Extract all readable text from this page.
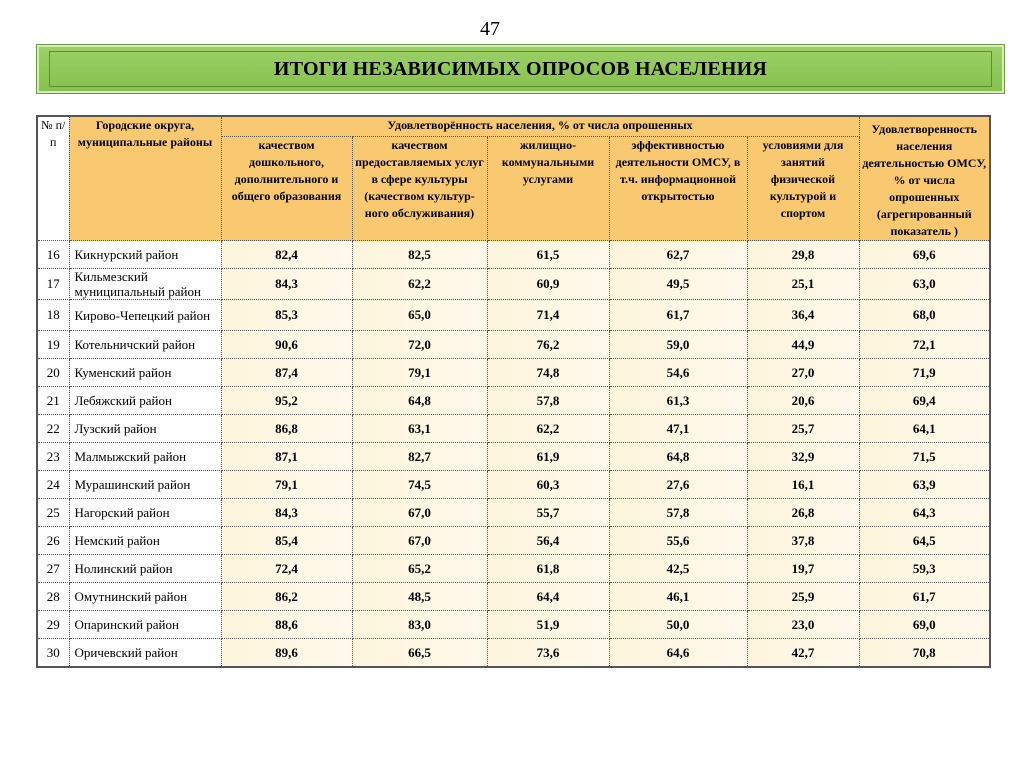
47
ИТОГИ НЕЗАВИСИМЫХ ОПРОСОВ НАСЕЛЕНИЯ
№ п/п	Городские округа, муниципальные районы	Удовлетворённость населения, % от числа опрошенных					Удовлетворенность населения деятельностью ОМСУ, % от числа опрошенных (агрегированный показатель )
		качеством дошкольного, дополнительного и общего образования	качеством предоставляемых услуг в сфере культуры (качеством культур-ного обслуживания)	жилищно-коммунальными услугами	эффективностью деятельности ОМСУ, в т.ч. информационной открытостью	условиями для занятий физической культурой и спортом	
16	Кикнурский район	82,4	82,5	61,5	62,7	29,8	69,6
17	Кильмезский муниципальный район	84,3	62,2	60,9	49,5	25,1	63,0
18	Кирово-Чепецкий район	85,3	65,0	71,4	61,7	36,4	68,0
19	Котельничский район	90,6	72,0	76,2	59,0	44,9	72,1
20	Куменский район	87,4	79,1	74,8	54,6	27,0	71,9
21	Лебяжский район	95,2	64,8	57,8	61,3	20,6	69,4
22	Лузский район	86,8	63,1	62,2	47,1	25,7	64,1
23	Малмыжский район	87,1	82,7	61,9	64,8	32,9	71,5
24	Мурашинский район	79,1	74,5	60,3	27,6	16,1	63,9
25	Нагорский район	84,3	67,0	55,7	57,8	26,8	64,3
26	Немский район	85,4	67,0	56,4	55,6	37,8	64,5
27	Нолинский район	72,4	65,2	61,8	42,5	19,7	59,3
28	Омутнинский район	86,2	48,5	64,4	46,1	25,9	61,7
29	Опаринский район	88,6	83,0	51,9	50,0	23,0	69,0
30	Оричевский район	89,6	66,5	73,6	64,6	42,7	70,8
